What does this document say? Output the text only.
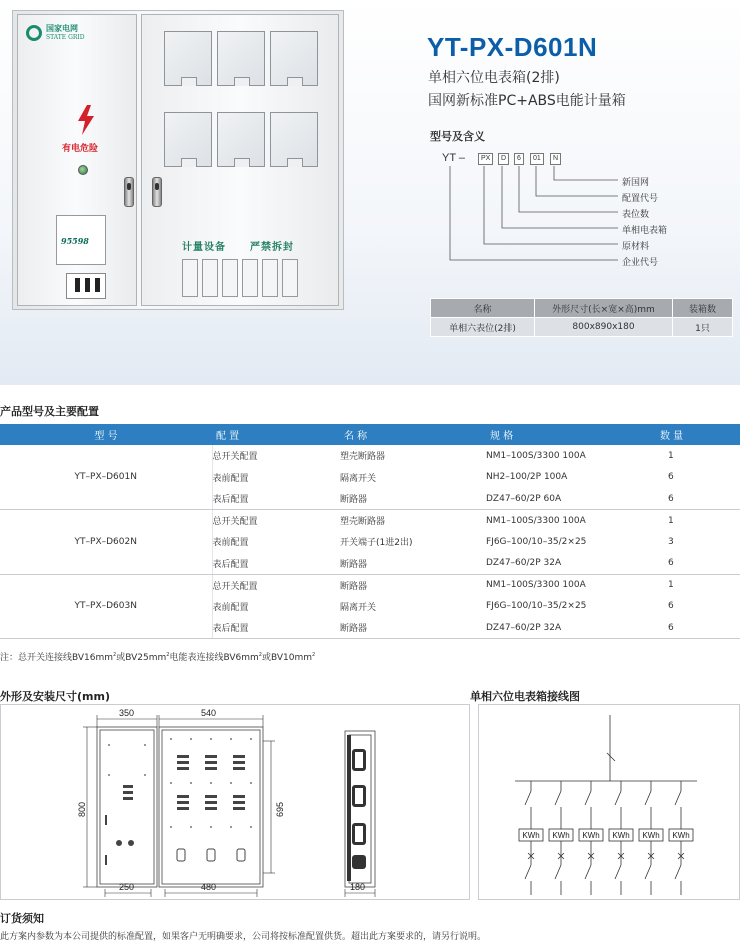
国家电网
STATE GRID
有电危险
95598
计量设备 严禁拆封
YT-PX-D601N
单相六位电表箱(2排)
国网新标准PC+ABS电能计量箱
型号及含义
YT –	PX	D	6	01	N
新国网
配置代号
表位数
单相电表箱
原材料
企业代号
名称	外形尺寸(长×宽×高)mm	装箱数
单相六表位(2排)	800x890x180	1只
产品型号及主要配置
型 号	配 置	名 称	规 格	数 量
YT–PX–D601N	总开关配置	塑壳断路器	NM1–100S/3300 100A	1
	表前配置	隔离开关	NH2–100/2P 100A	6
	表后配置	断路器	DZ47–60/2P 60A	6
YT–PX–D602N	总开关配置	塑壳断路器	NM1–100S/3300 100A	1
	表前配置	开关端子(1进2出)	FJ6G–100/10–35/2×25	3
	表后配置	断路器	DZ47–60/2P 32A	6
YT–PX–D603N	总开关配置	断路器	NM1–100S/3300 100A	1
	表前配置	隔离开关	FJ6G–100/10–35/2×25	6
	表后配置	断路器	DZ47–60/2P 32A	6
注：总开关连接线$BV16mm^2$或$BV25mm^2$电能表连接线$BV6mm^2$或$BV10mm^2$
外形及安装尺寸(mm)	单相六位电表箱接线图
350	540
800	695
250	480	180
KWh KWh KWh KWh KWh KWh
订货须知
此方案内参数为本公司提供的标准配置，如果客户无明确要求，公司将按标准配置供货。超出此方案要求的，请另行说明。
